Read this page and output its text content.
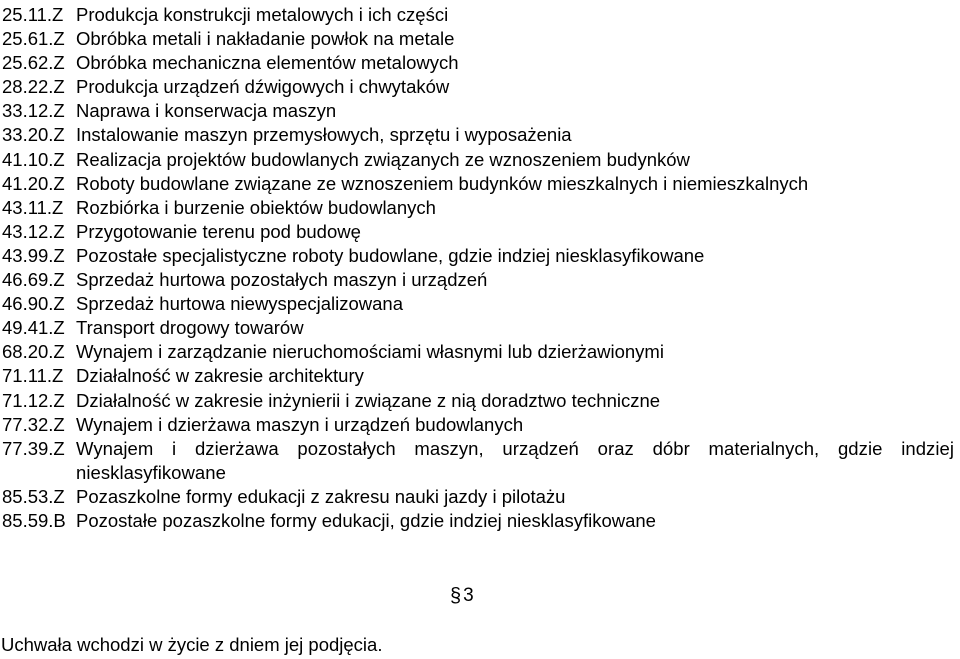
25.11.Z Produkcja konstrukcji metalowych i ich części
25.61.Z Obróbka metali i nakładanie powłok na metale
25.62.Z Obróbka mechaniczna elementów metalowych
28.22.Z Produkcja urządzeń dźwigowych i chwytaków
33.12.Z Naprawa i konserwacja maszyn
33.20.Z Instalowanie maszyn przemysłowych, sprzętu i wyposażenia
41.10.Z Realizacja projektów budowlanych związanych ze wznoszeniem budynków
41.20.Z Roboty budowlane związane ze wznoszeniem budynków mieszkalnych i niemieszkalnych
43.11.Z Rozbiórka i burzenie obiektów budowlanych
43.12.Z Przygotowanie terenu pod budowę
43.99.Z Pozostałe specjalistyczne roboty budowlane, gdzie indziej niesklasyfikowane
46.69.Z Sprzedaż hurtowa pozostałych maszyn i urządzeń
46.90.Z Sprzedaż hurtowa niewyspecjalizowana
49.41.Z Transport drogowy towarów
68.20.Z Wynajem i zarządzanie nieruchomościami własnymi lub dzierżawionymi
71.11.Z Działalność w zakresie architektury
71.12.Z Działalność w zakresie inżynierii i związane z nią doradztwo techniczne
77.32.Z Wynajem i dzierżawa maszyn i urządzeń budowlanych
77.39.Z Wynajem i dzierżawa pozostałych maszyn, urządzeń oraz dóbr materialnych, gdzie indziej niesklasyfikowane
85.53.Z Pozaszkolne formy edukacji z zakresu nauki jazdy i pilotażu
85.59.B Pozostałe pozaszkolne formy edukacji, gdzie indziej niesklasyfikowane
§ 3
Uchwała wchodzi w życie z dniem jej podjęcia.
